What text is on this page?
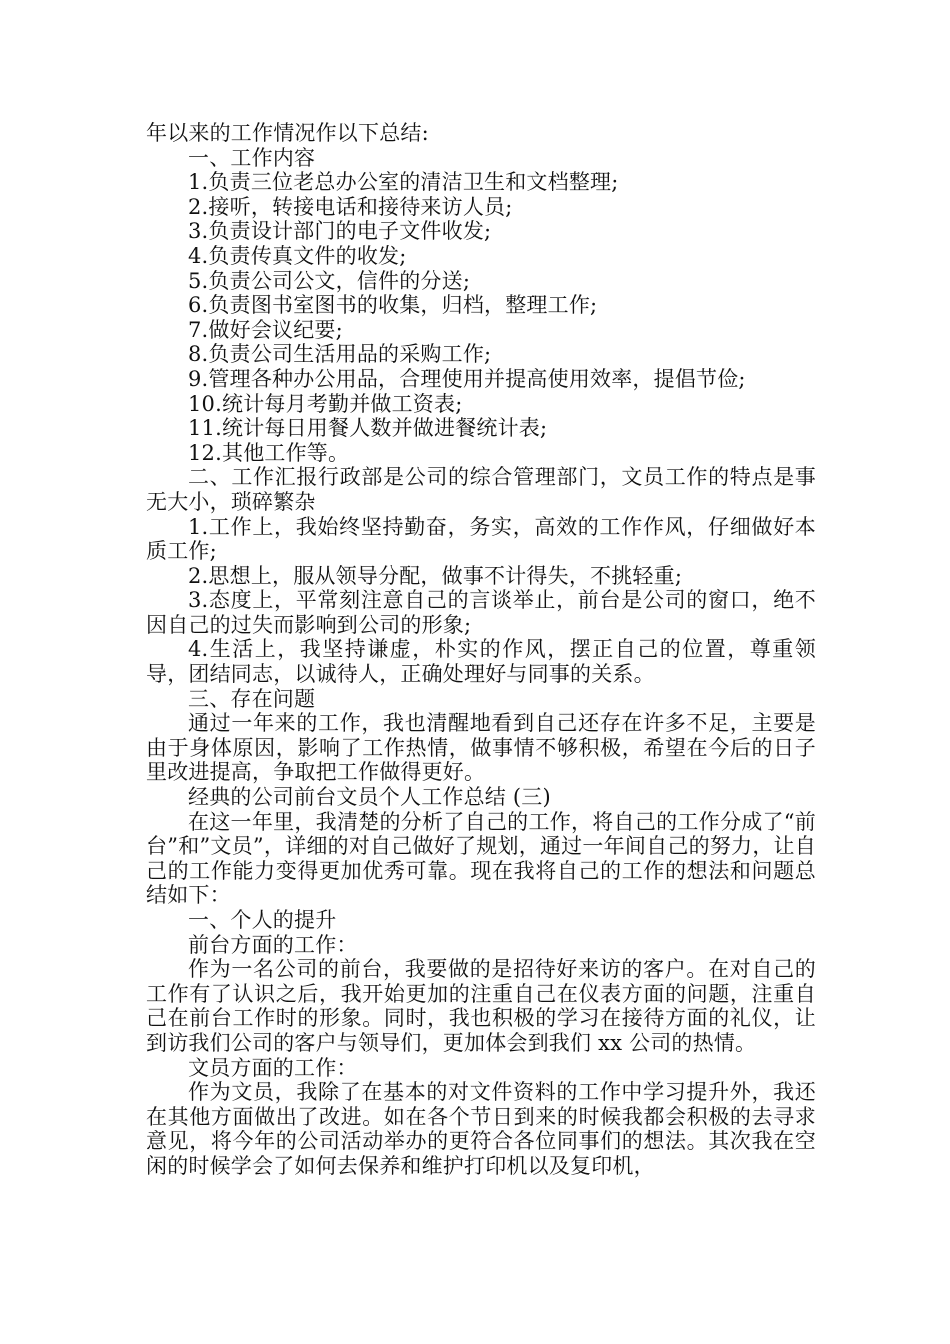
年以来的工作情况作以下总结:

一、工作内容

1.负责三位老总办公室的清洁卫生和文档整理;

2.接听，转接电话和接待来访人员;

3.负责设计部门的电子文件收发;

4.负责传真文件的收发;

5.负责公司公文，信件的分送;

6.负责图书室图书的收集，归档，整理工作;

7.做好会议纪要;

8.负责公司生活用品的采购工作;

9.管理各种办公用品，合理使用并提高使用效率，提倡节俭;

10.统计每月考勤并做工资表;

11.统计每日用餐人数并做进餐统计表;

12.其他工作等。

二、工作汇报行政部是公司的综合管理部门，文员工作的特点是事无大小，琐碎繁杂

1.工作上，我始终坚持勤奋，务实，高效的工作作风，仔细做好本质工作;

2.思想上，服从领导分配，做事不计得失，不挑轻重;

3.态度上，平常刻注意自己的言谈举止，前台是公司的窗口，绝不因自己的过失而影响到公司的形象;

4.生活上，我坚持谦虚，朴实的作风，摆正自己的位置，尊重领导，团结同志，以诚待人，正确处理好与同事的关系。

三、存在问题

通过一年来的工作，我也清醒地看到自己还存在许多不足，主要是由于身体原因，影响了工作热情，做事情不够积极，希望在今后的日子里改进提高，争取把工作做得更好。

经典的公司前台文员个人工作总结 (三)

在这一年里，我清楚的分析了自己的工作，将自己的工作分成了“前台”和”文员”，详细的对自己做好了规划，通过一年间自己的努力，让自己的工作能力变得更加优秀可靠。现在我将自己的工作的想法和问题总结如下：

一、个人的提升

前台方面的工作：

作为一名公司的前台，我要做的是招待好来访的客户。在对自己的工作有了认识之后，我开始更加的注重自己在仪表方面的问题，注重自己在前台工作时的形象。同时，我也积极的学习在接待方面的礼仪，让到访我们公司的客户与领导们，更加体会到我们 xx 公司的热情。

文员方面的工作：

作为文员，我除了在基本的对文件资料的工作中学习提升外，我还在其他方面做出了改进。如在各个节日到来的时候我都会积极的去寻求意见，将今年的公司活动举办的更符合各位同事们的想法。其次我在空闲的时候学会了如何去保养和维护打印机以及复印机，
